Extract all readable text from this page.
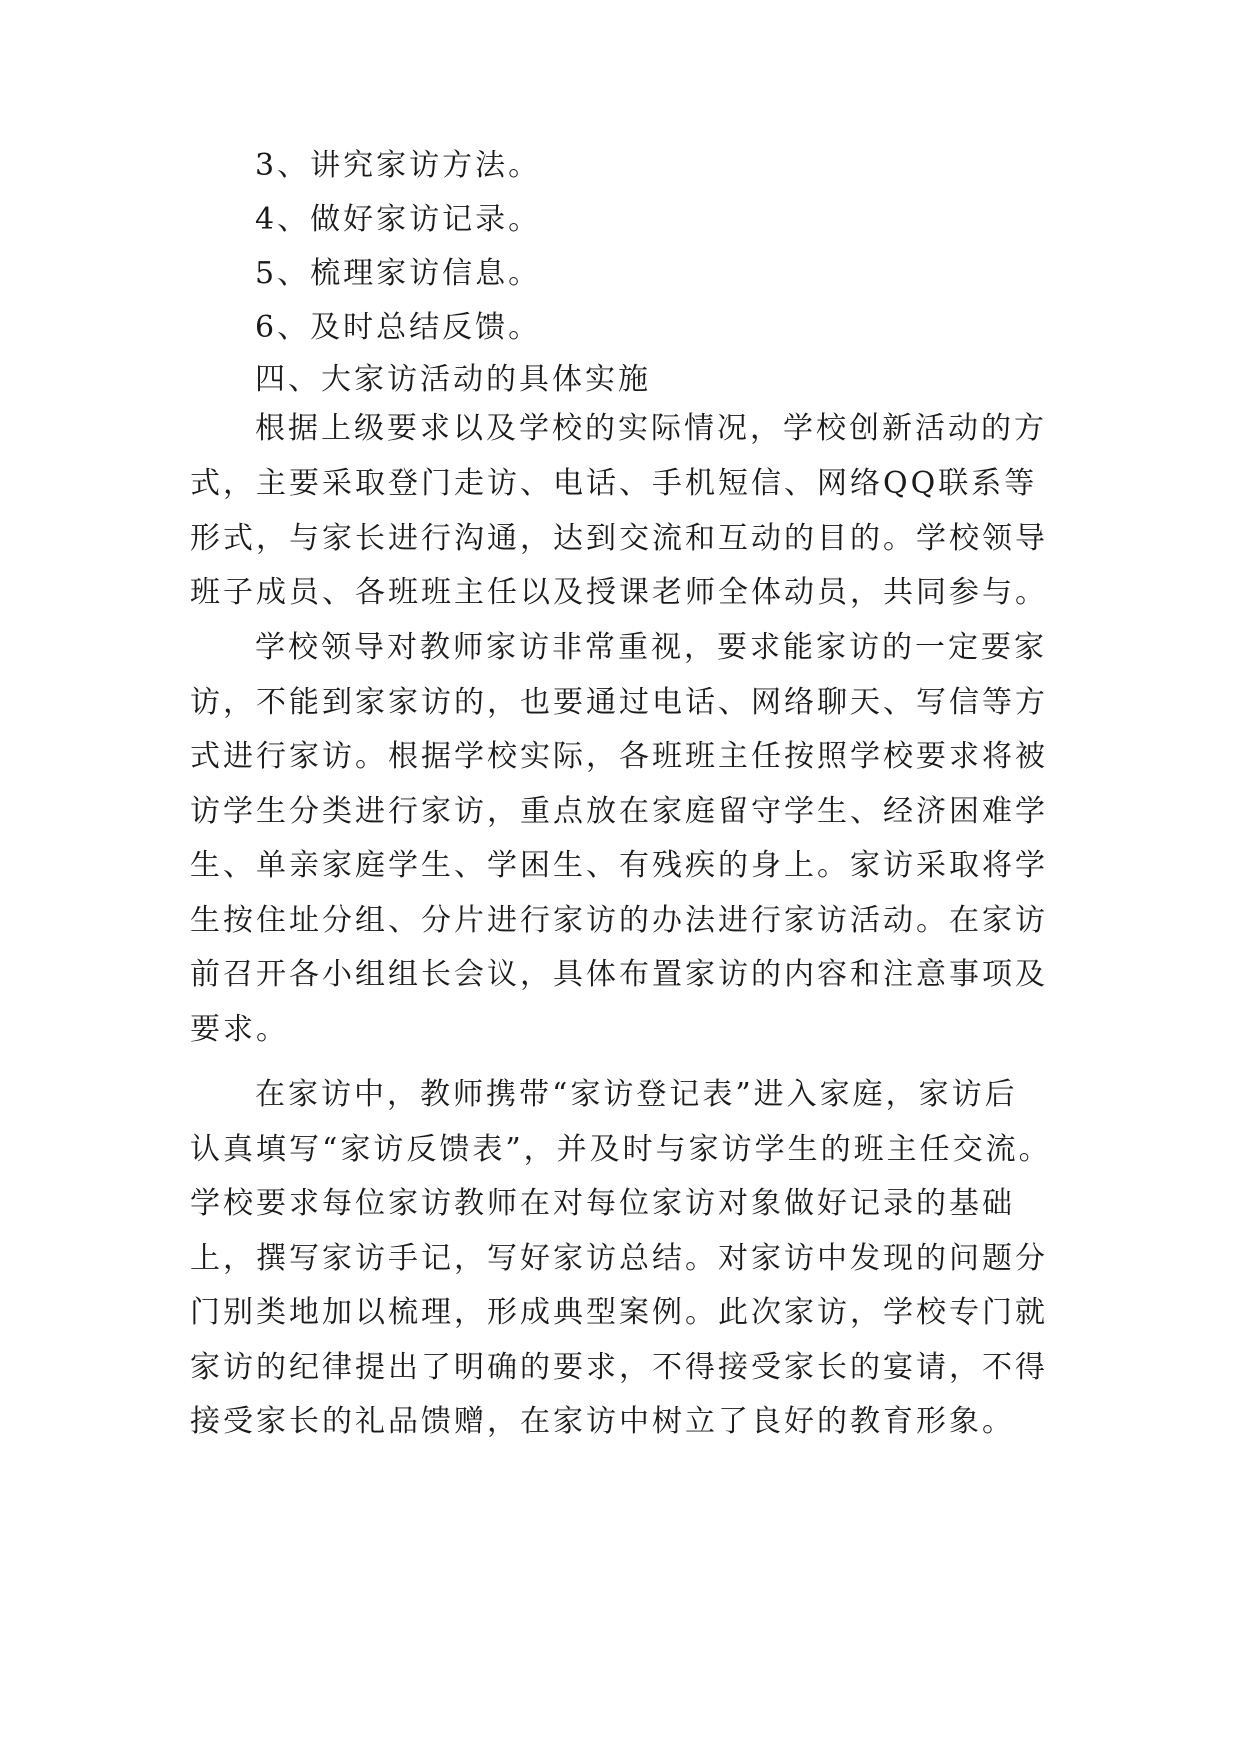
3、讲究家访方法。

4、做好家访记录。

5、梳理家访信息。

6、及时总结反馈。

四、大家访活动的具体实施

根据上级要求以及学校的实际情况，学校创新活动的方

式，主要采取登门走访、电话、手机短信、网络QQ联系等

形式，与家长进行沟通，达到交流和互动的目的。学校领导

班子成员、各班班主任以及授课老师全体动员，共同参与。

学校领导对教师家访非常重视，要求能家访的一定要家

访，不能到家家访的，也要通过电话、网络聊天、写信等方

式进行家访。根据学校实际，各班班主任按照学校要求将被

访学生分类进行家访，重点放在家庭留守学生、经济困难学

生、单亲家庭学生、学困生、有残疾的身上。家访采取将学

生按住址分组、分片进行家访的办法进行家访活动。在家访

前召开各小组组长会议，具体布置家访的内容和注意事项及

要求。

在家访中，教师携带“家访登记表”进入家庭，家访后

认真填写“家访反馈表”，并及时与家访学生的班主任交流。

学校要求每位家访教师在对每位家访对象做好记录的基础

上，撰写家访手记，写好家访总结。对家访中发现的问题分

门别类地加以梳理，形成典型案例。此次家访，学校专门就

家访的纪律提出了明确的要求，不得接受家长的宴请，不得

接受家长的礼品馈赠，在家访中树立了良好的教育形象。
